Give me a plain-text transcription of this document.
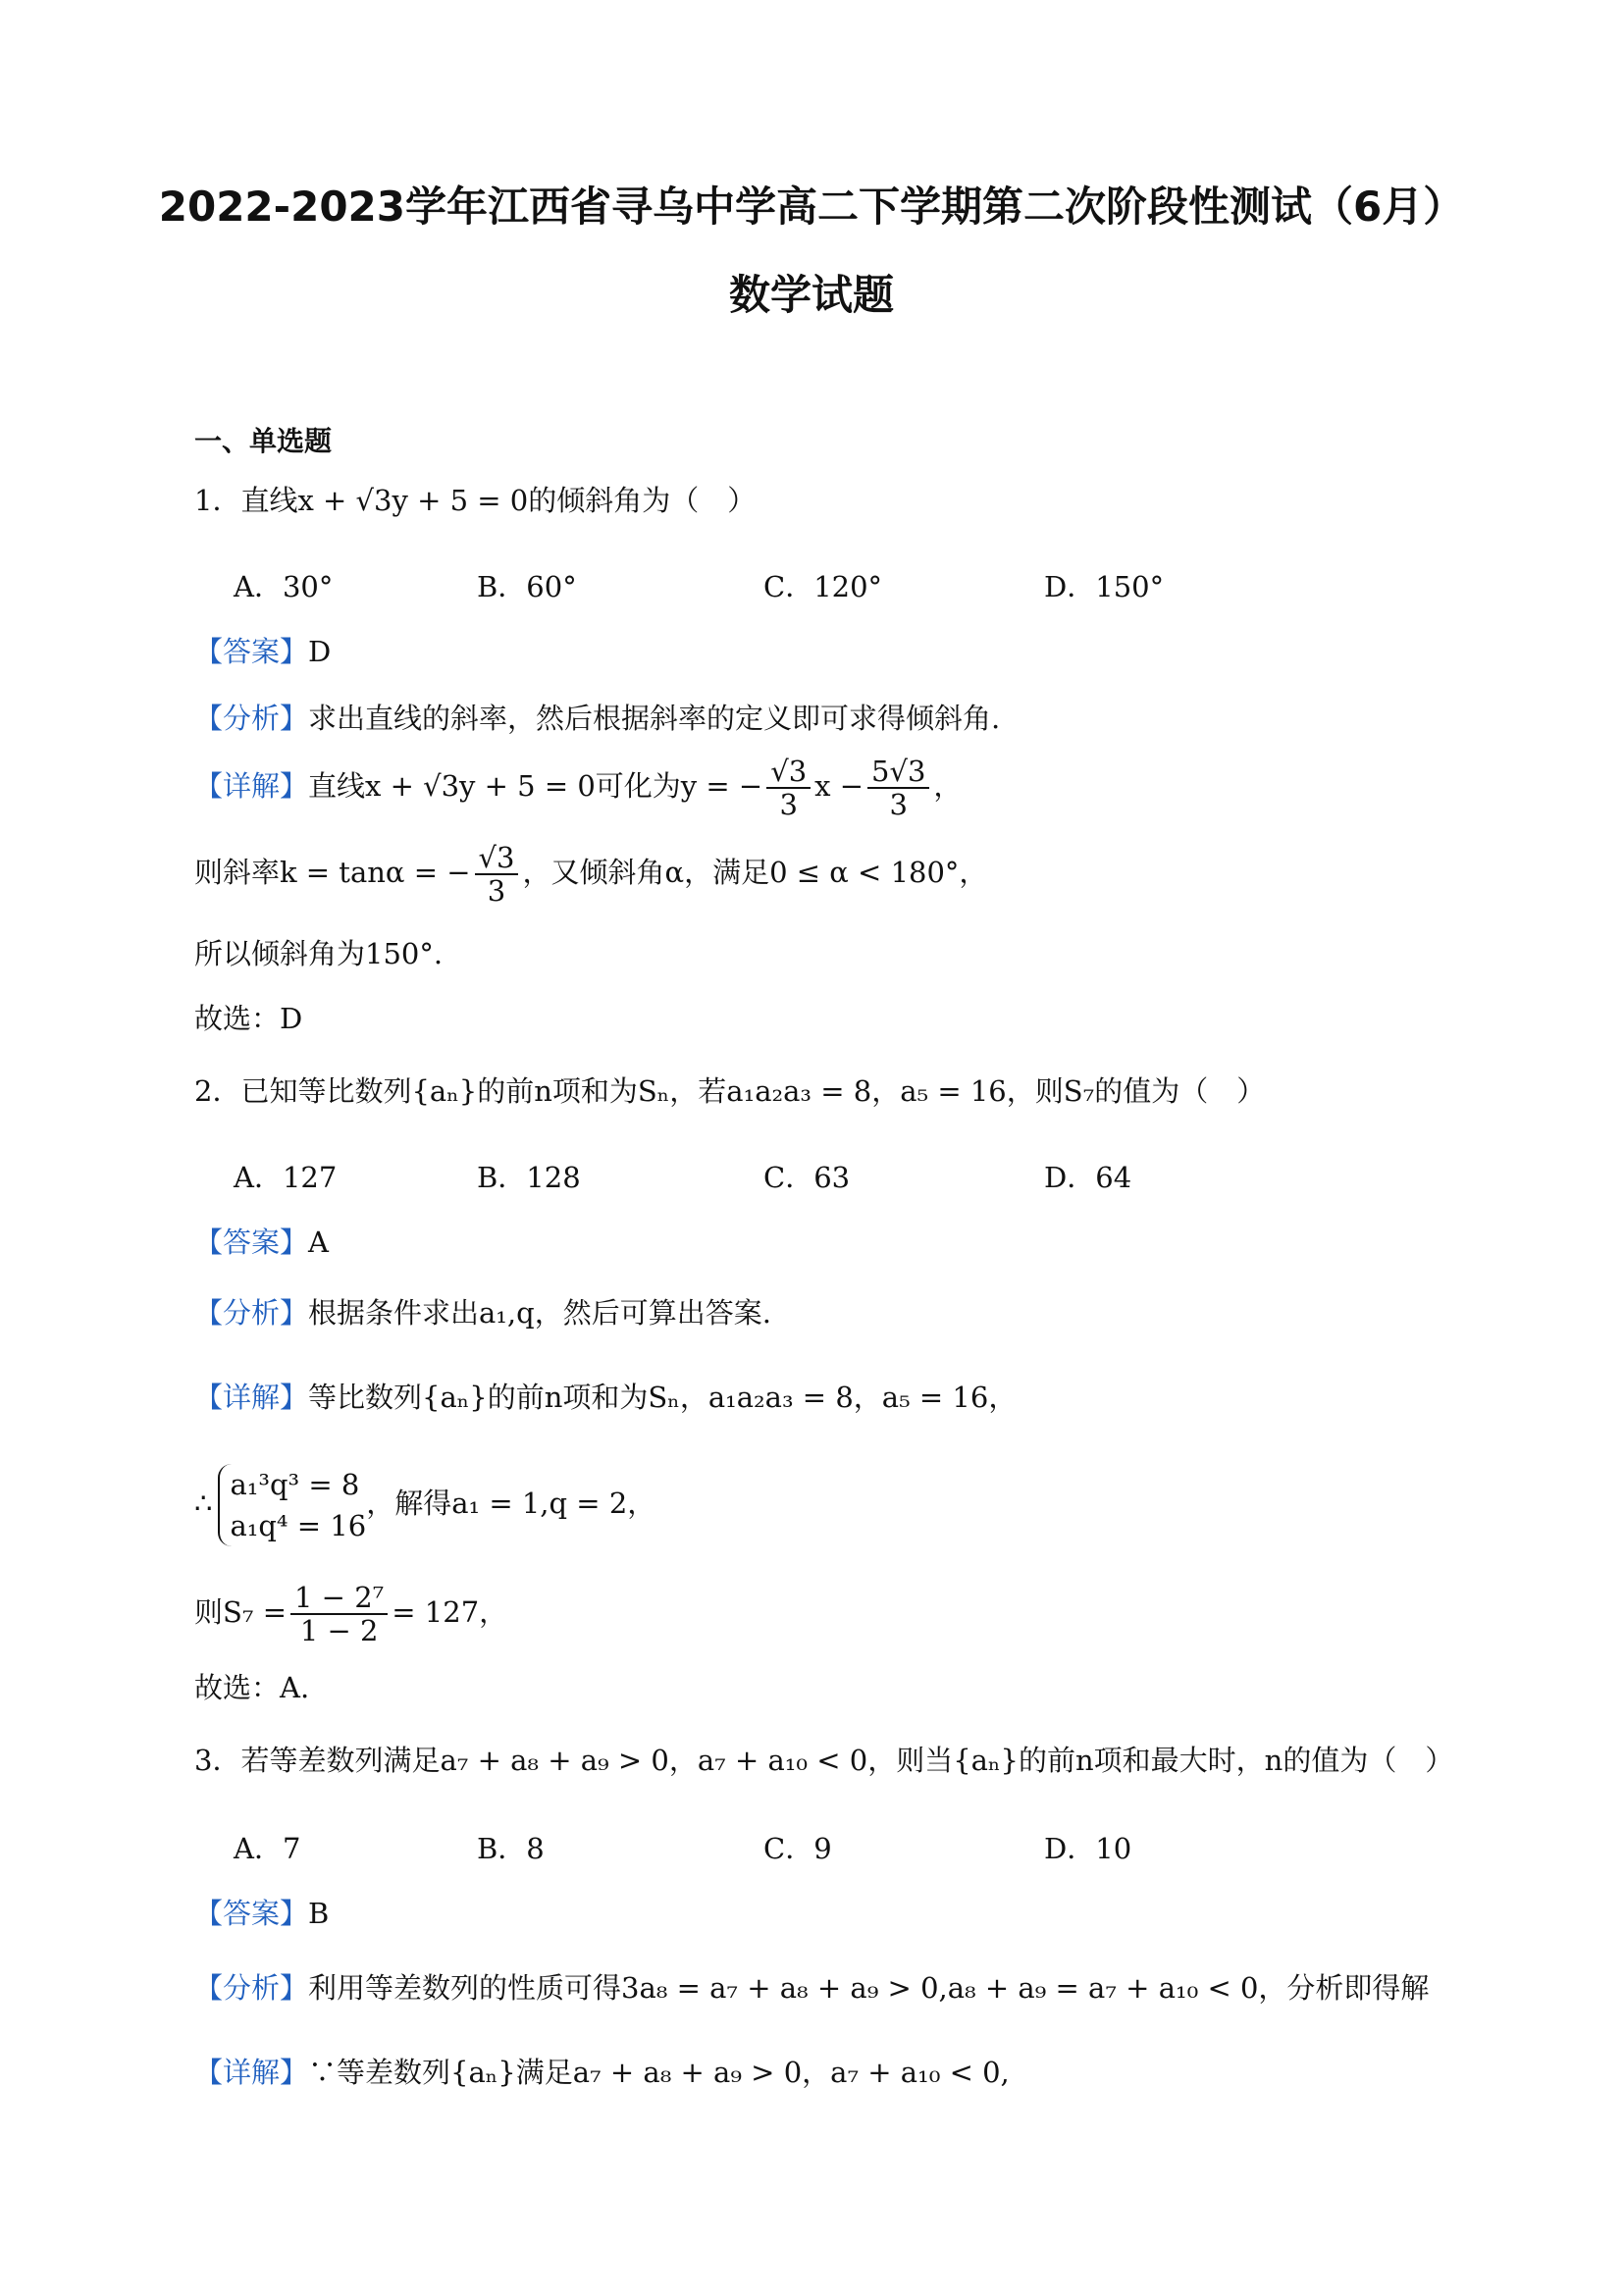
2022-2023学年江西省寻乌中学高二下学期第二次阶段性测试（6月）
数学试题
一、单选题
1．直线x + √3y + 5 = 0的倾斜角为（　）
A．30°	B．60°	C．120°	D．150°
【答案】D
【分析】求出直线的斜率，然后根据斜率的定义即可求得倾斜角.
【详解】直线x + √3y + 5 = 0可化为y = − $\frac{√3}{3}$ $x - \frac{5√3}{3}$ ，
则斜率k = tanα = − $\frac{√3}{3}$ ，又倾斜角α，满足0 ≤ α < 180°，
所以倾斜角为150°.
故选：D
2．已知等比数列{aₙ}的前n项和为Sₙ，若a₁a₂a₃ = 8，a₅ = 16，则S₇的值为（　）
A．127	B．128	C．63	D．64
【答案】A
【分析】根据条件求出a₁,q，然后可算出答案.
【详解】等比数列{aₙ}的前n项和为Sₙ，a₁a₂a₃ = 8，a₅ = 16，
∴
a₁³q³ = 8
a₁q⁴ = 16
，解得a₁ = 1,q = 2，
则$S_7 = \frac{\text{1 − 2⁷}}{1 - 2} = 127$，
故选：A.
3．若等差数列满足a₇ + a₈ + a₉ > 0，a₇ + a₁₀ < 0，则当{aₙ}的前n项和最大时，n的值为（　）
A．7	B．8	C．9	D．10
【答案】B
【分析】利用等差数列的性质可得3a₈ = a₇ + a₈ + a₉ > 0,a₈ + a₉ = a₇ + a₁₀ < 0，分析即得解
【详解】∵等差数列{aₙ}满足a₇ + a₈ + a₉ > 0，a₇ + a₁₀ < 0,
